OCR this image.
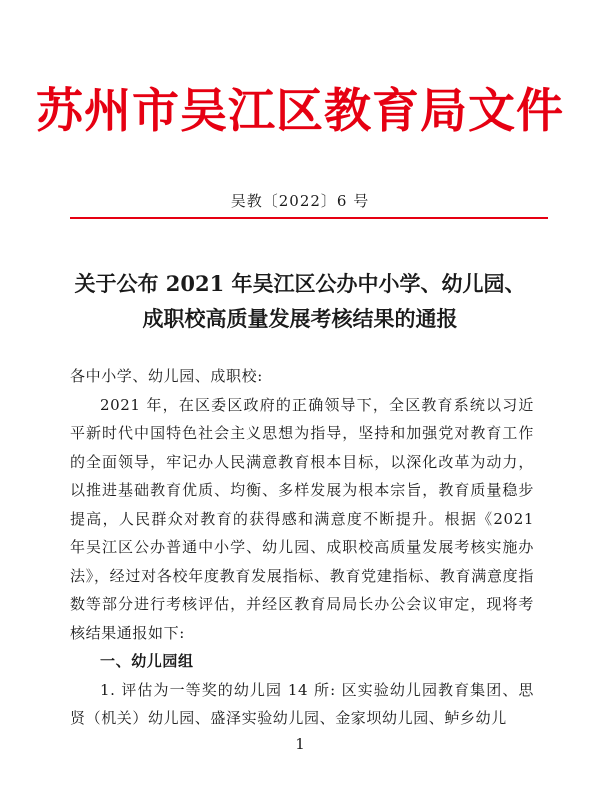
苏州市吴江区教育局文件
吴教〔2022〕6 号
关于公布 2021 年吴江区公办中小学、幼儿园、
成职校高质量发展考核结果的通报
各中小学、幼儿园、成职校:

2021 年，在区委区政府的正确领导下，全区教育系统以习近平新时代中国特色社会主义思想为指导，坚持和加强党对教育工作的全面领导，牢记办人民满意教育根本目标，以深化改革为动力，以推进基础教育优质、均衡、多样发展为根本宗旨，教育质量稳步提高，人民群众对教育的获得感和满意度不断提升。根据《2021 年吴江区公办普通中小学、幼儿园、成职校高质量发展考核实施办法》，经过对各校年度教育发展指标、教育党建指标、教育满意度指数等部分进行考核评估，并经区教育局局长办公会议审定，现将考核结果通报如下:

一、幼儿园组

1. 评估为一等奖的幼儿园 14 所: 区实验幼儿园教育集团、思贤（机关）幼儿园、盛泽实验幼儿园、金家坝幼儿园、鲈乡幼儿

1
